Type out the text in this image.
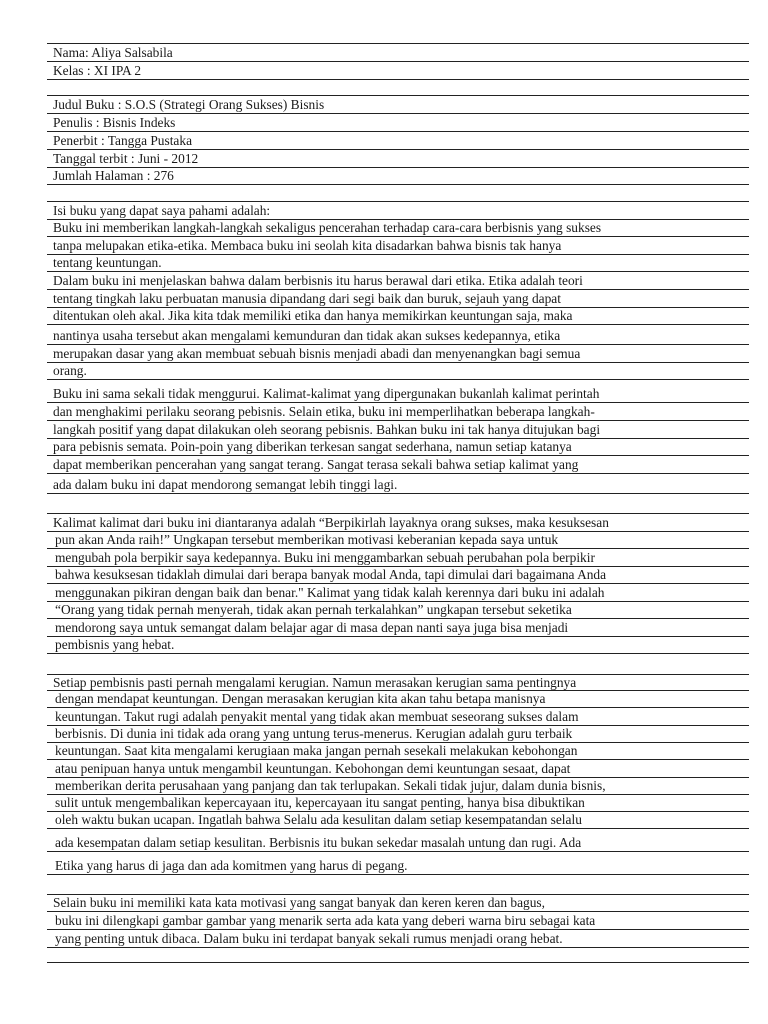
Nama: Aliya Salsabila
Kelas : XI IPA 2
Judul Buku : S.O.S (Strategi Orang Sukses) Bisnis
Penulis : Bisnis Indeks
Penerbit : Tangga Pustaka
Tanggal terbit : Juni - 2012
Jumlah Halaman : 276
Isi buku yang dapat saya pahami adalah:
Buku ini memberikan langkah-langkah sekaligus pencerahan terhadap cara-cara berbisnis yang sukses
tanpa melupakan etika-etika. Membaca buku ini seolah kita disadarkan bahwa bisnis tak hanya
tentang keuntungan.
Dalam buku ini menjelaskan bahwa dalam berbisnis itu harus berawal dari etika. Etika adalah teori
tentang tingkah laku perbuatan manusia dipandang dari segi baik dan buruk, sejauh yang dapat
ditentukan oleh akal. Jika kita tdak memiliki etika dan hanya memikirkan keuntungan saja, maka
nantinya usaha tersebut akan mengalami kemunduran dan tidak akan sukses kedepannya, etika
merupakan dasar yang akan membuat sebuah bisnis menjadi abadi dan menyenangkan bagi semua
orang.
Buku ini sama sekali tidak menggurui. Kalimat-kalimat yang dipergunakan bukanlah kalimat perintah
dan menghakimi perilaku seorang pebisnis. Selain etika, buku ini memperlihatkan beberapa langkah-
langkah positif yang dapat dilakukan oleh seorang pebisnis. Bahkan buku ini tak hanya ditujukan bagi
para pebisnis semata. Poin-poin yang diberikan terkesan sangat sederhana, namun setiap katanya
dapat memberikan pencerahan yang sangat terang. Sangat terasa sekali bahwa setiap kalimat yang
ada dalam buku ini dapat mendorong semangat lebih tinggi lagi.
Kalimat kalimat dari buku ini diantaranya adalah “Berpikirlah layaknya orang sukses, maka kesuksesan
pun akan Anda raih!” Ungkapan tersebut memberikan motivasi keberanian kepada saya untuk
mengubah pola berpikir saya kedepannya. Buku ini menggambarkan sebuah perubahan pola berpikir
bahwa kesuksesan tidaklah dimulai dari berapa banyak modal Anda, tapi dimulai dari bagaimana Anda
menggunakan pikiran dengan baik dan benar." Kalimat yang tidak kalah kerennya dari buku ini adalah
“Orang yang tidak pernah menyerah, tidak akan pernah terkalahkan” ungkapan tersebut seketika
mendorong saya untuk semangat dalam belajar agar di masa depan nanti saya juga bisa menjadi
pembisnis yang hebat.
Setiap pembisnis pasti pernah mengalami kerugian. Namun merasakan kerugian sama pentingnya
dengan mendapat keuntungan. Dengan merasakan kerugian kita akan tahu betapa manisnya
keuntungan. Takut rugi adalah penyakit mental yang tidak akan membuat seseorang sukses dalam
berbisnis. Di dunia ini tidak ada orang yang untung terus-menerus. Kerugian adalah guru terbaik
keuntungan. Saat kita mengalami kerugiaan maka jangan pernah sesekali melakukan kebohongan
atau penipuan hanya untuk mengambil keuntungan. Kebohongan demi keuntungan sesaat, dapat
memberikan derita perusahaan yang panjang dan tak terlupakan. Sekali tidak jujur, dalam dunia bisnis,
sulit untuk mengembalikan kepercayaan itu, kepercayaan itu sangat penting, hanya bisa dibuktikan
oleh waktu bukan ucapan. Ingatlah bahwa Selalu ada kesulitan dalam setiap kesempatandan selalu
ada kesempatan dalam setiap kesulitan. Berbisnis itu bukan sekedar masalah untung dan rugi. Ada
Etika yang harus di jaga dan ada komitmen yang harus di pegang.
Selain buku ini memiliki kata kata motivasi yang sangat banyak dan keren keren dan bagus,
buku ini dilengkapi gambar gambar yang menarik serta ada kata yang deberi warna biru sebagai kata
yang penting untuk dibaca. Dalam buku ini terdapat banyak sekali rumus menjadi orang hebat.
